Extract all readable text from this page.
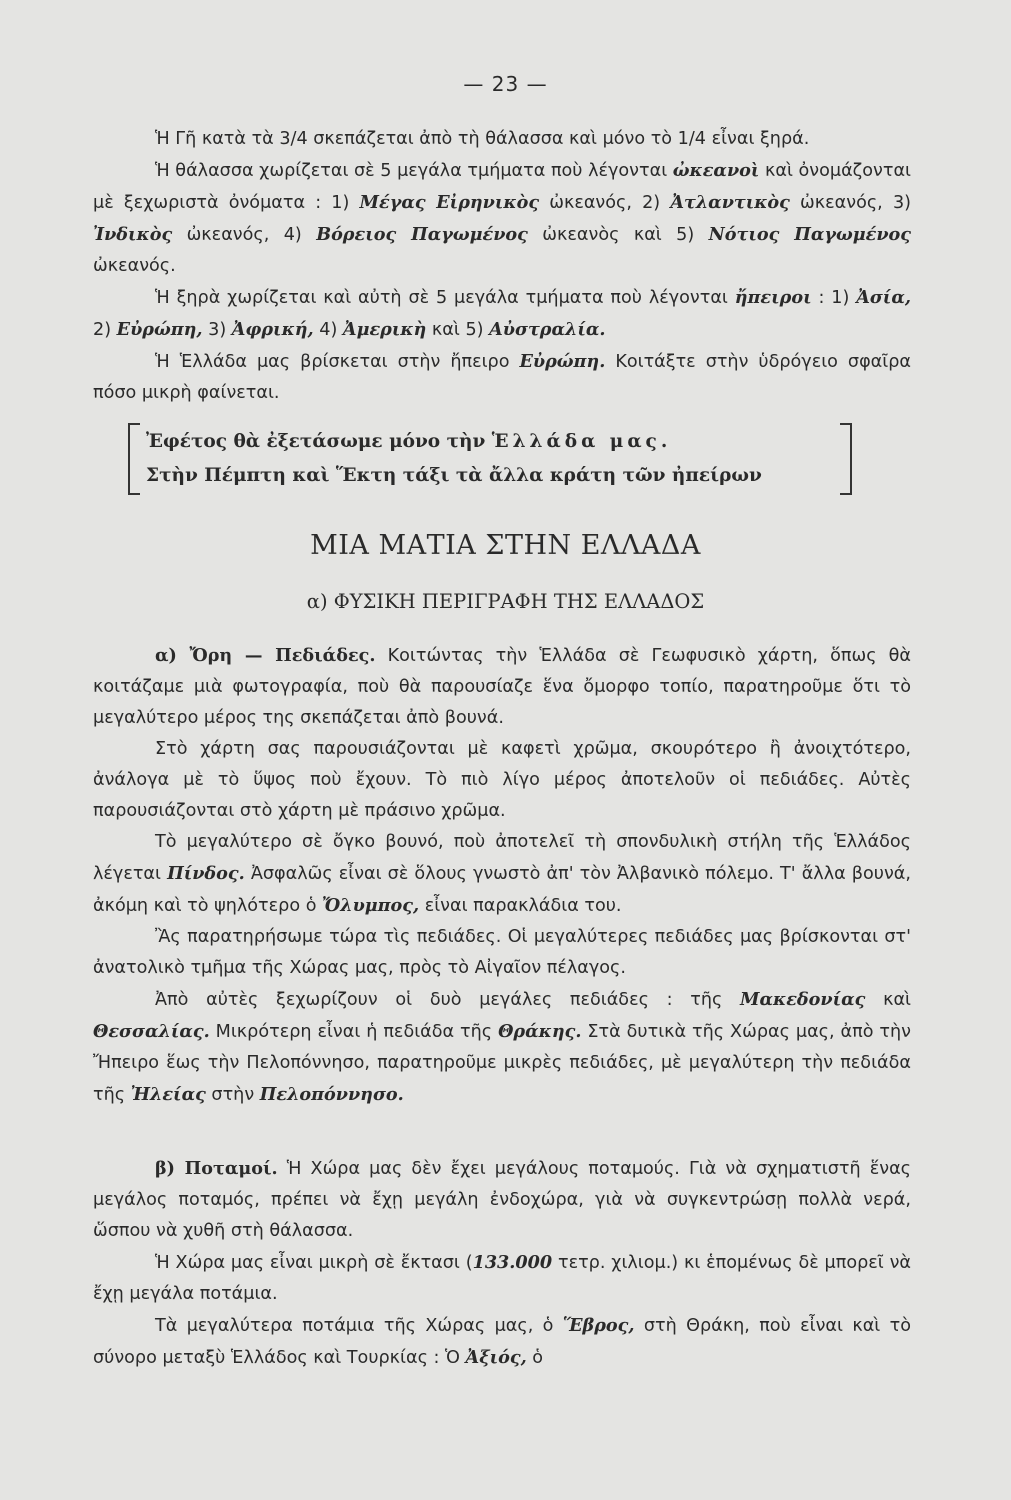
— 23 —

Ἡ Γῆ κατὰ τὰ 3/4 σκεπάζεται ἀπὸ τὴ θάλασσα καὶ μόνο τὸ 1/4 εἶναι ξηρά.

Ἡ θάλασσα χωρίζεται σὲ 5 μεγάλα τμήματα ποὺ λέγονται ὠκεανοὶ καὶ ὀνομάζονται μὲ ξεχωριστὰ ὀνόματα : 1) Μέγας Εἰρηνικὸς ὠκεανός, 2) Ἀτλαντικὸς ὠκεανός, 3) Ἰνδικὸς ὠκεανός, 4) Βόρειος Παγωμένος ὠκεανὸς καὶ 5) Νότιος Παγωμένος ὠκεανός.

Ἡ ξηρὰ χωρίζεται καὶ αὐτὴ σὲ 5 μεγάλα τμήματα ποὺ λέγονται ἤπειροι : 1) Ἀσία, 2) Εὐρώπη, 3) Ἀφρική, 4) Ἀμερικὴ καὶ 5) Αὐστραλία.

Ἡ Ἑλλάδα μας βρίσκεται στὴν ἤπειρο Εὐρώπη. Κοιτάξτε στὴν ὑδρόγειο σφαῖρα πόσο μικρὴ φαίνεται.

Ἐφέτος θὰ ἐξετάσωμε μόνο τὴν Ἑλλάδα μας.
Στὴν Πέμπτη καὶ Ἕκτη τάξι τὰ ἄλλα κράτη τῶν ἠπείρων
ΜΙΑ ΜΑΤΙΑ ΣΤΗΝ ΕΛΛΑΔΑ
α) ΦΥΣΙΚΗ ΠΕΡΙΓΡΑΦΗ ΤΗΣ ΕΛΛΑΔΟΣ

α) Ὄρη — Πεδιάδες. Κοιτώντας τὴν Ἑλλάδα σὲ Γεωφυσικὸ χάρτη, ὅπως θὰ κοιτάζαμε μιὰ φωτογραφία, ποὺ θὰ παρουσίαζε ἕνα ὄμορφο τοπίο, παρατηροῦμε ὅτι τὸ μεγαλύτερο μέρος της σκεπάζεται ἀπὸ βουνά.

Στὸ χάρτη σας παρουσιάζονται μὲ καφετὶ χρῶμα, σκουρότερο ἢ ἀνοιχτότερο, ἀνάλογα μὲ τὸ ὕψος ποὺ ἔχουν. Τὸ πιὸ λίγο μέρος ἀποτελοῦν οἱ πεδιάδες. Αὐτὲς παρουσιάζονται στὸ χάρτη μὲ πράσινο χρῶμα.

Τὸ μεγαλύτερο σὲ ὄγκο βουνό, ποὺ ἀποτελεῖ τὴ σπονδυλικὴ στήλη τῆς Ἑλλάδος λέγεται Πίνδος. Ἀσφαλῶς εἶναι σὲ ὅλους γνωστὸ ἀπ' τὸν Ἀλβανικὸ πόλεμο. Τ' ἄλλα βουνά, ἀκόμη καὶ τὸ ψηλότερο ὁ Ὄλυμπος, εἶναι παρακλάδια του.

Ἂς παρατηρήσωμε τώρα τὶς πεδιάδες. Οἱ μεγαλύτερες πεδιάδες μας βρίσκονται στ' ἀνατολικὸ τμῆμα τῆς Χώρας μας, πρὸς τὸ Αἰγαῖον πέλαγος.

Ἀπὸ αὐτὲς ξεχωρίζουν οἱ δυὸ μεγάλες πεδιάδες : τῆς Μακεδονίας καὶ Θεσσαλίας. Μικρότερη εἶναι ἡ πεδιάδα τῆς Θράκης. Στὰ δυτικὰ τῆς Χώρας μας, ἀπὸ τὴν Ἤπειρο ἕως τὴν Πελοπόννησο, παρατηροῦμε μικρὲς πεδιάδες, μὲ μεγαλύτερη τὴν πεδιάδα τῆς Ἠλείας στὴν Πελοπόννησο.

β) Ποταμοί. Ἡ Χώρα μας δὲν ἔχει μεγάλους ποταμούς. Γιὰ νὰ σχηματιστῆ ἕνας μεγάλος ποταμός, πρέπει νὰ ἔχῃ μεγάλη ἐνδοχώρα, γιὰ νὰ συγκεντρώσῃ πολλὰ νερά, ὥσπου νὰ χυθῆ στὴ θάλασσα.

Ἡ Χώρα μας εἶναι μικρὴ σὲ ἔκτασι (133.000 τετρ. χιλιομ.) κι ἑπομένως δὲ μπορεῖ νὰ ἔχῃ μεγάλα ποτάμια.

Τὰ μεγαλύτερα ποτάμια τῆς Χώρας μας, ὁ Ἕβρος, στὴ Θράκη, ποὺ εἶναι καὶ τὸ σύνορο μεταξὺ Ἑλλάδος καὶ Τουρκίας : Ὁ Ἀξιός, ὁ
